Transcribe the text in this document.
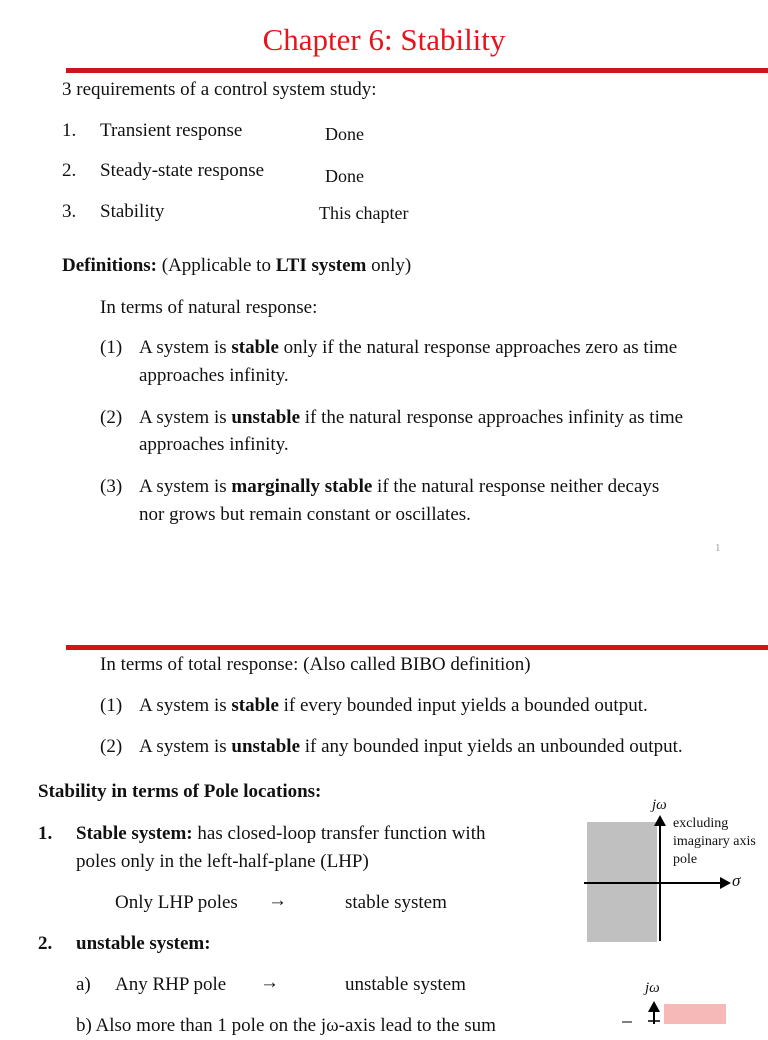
Chapter 6: Stability
3 requirements of a control system study:
1. Transient response	Done
2. Steady-state response	Done
3. Stability	This chapter
Definitions: (Applicable to LTI system only)
In terms of natural response:
(1) A system is stable only if the natural response approaches zero as time
approaches infinity.
(2) A system is unstable if the natural response approaches infinity as time
approaches infinity.
(3) A system is marginally stable if the natural response neither decays
nor grows but remain constant or oscillates.
1
In terms of total response: (Also called BIBO definition)
(1) A system is stable if every bounded input yields a bounded output.
(2) A system is unstable if any bounded input yields an unbounded output.
Stability in terms of Pole locations:
1. Stable system: has closed-loop transfer function with
poles only in the left-half-plane (LHP)
Only LHP poles →	stable system
2. unstable system:
a) Any RHP pole →	unstable system
b) Also more than 1 pole on the jω-axis lead to the sum
jω
σ
excluding
imaginary axis
pole
jω
